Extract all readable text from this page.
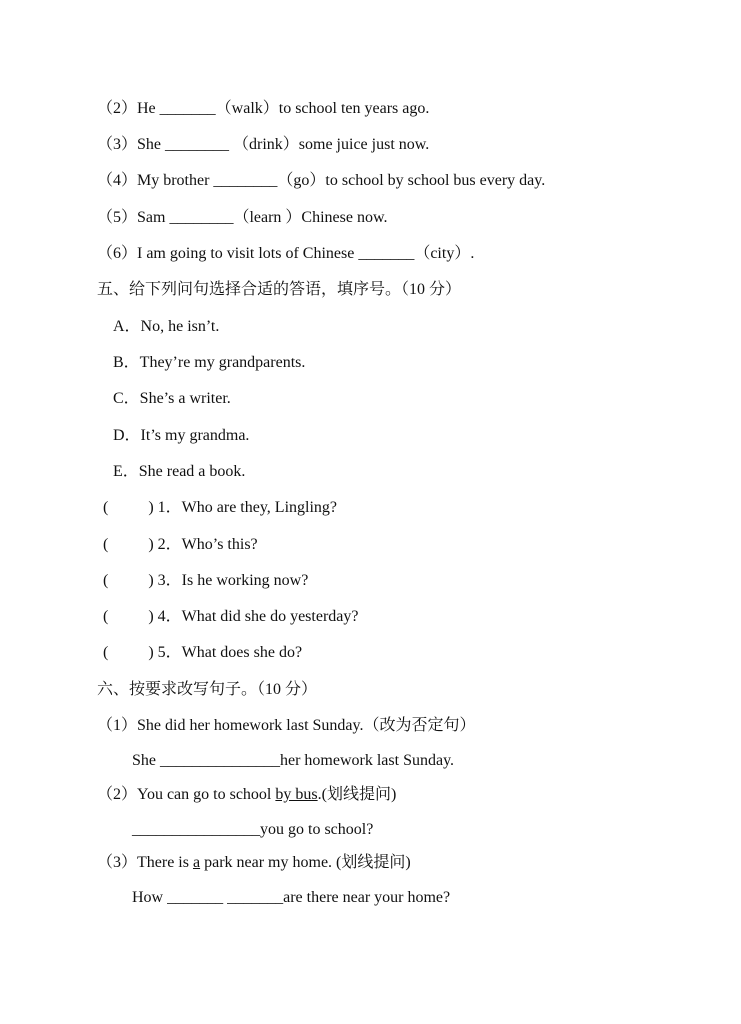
（2）He _______（walk）to school ten years ago.
（3）She ________ （drink）some juice just now.
（4）My brother ________（go）to school by school bus every day.
（5）Sam ________（learn ）Chinese now.
（6）I am going to visit lots of Chinese _______（city）.
五、给下列问句选择合适的答语，填序号。（10 分）
A．No, he isn’t.
B．They’re my grandparents.
C．She’s a writer.
D．It’s my grandma.
E．She read a book.
(          ) 1．Who are they, Lingling?
(          ) 2．Who’s this?
(          ) 3．Is he working now?
(          ) 4．What did she do yesterday?
(          ) 5．What does she do?
六、按要求改写句子。（10 分）
（1）She did her homework last Sunday.（改为否定句）
She _______________her homework last Sunday.
（2）You can go to school by bus.(划线提问)
________________you go to school?
（3）There is a park near my home. (划线提问)
How _______ _______are there near your home?
